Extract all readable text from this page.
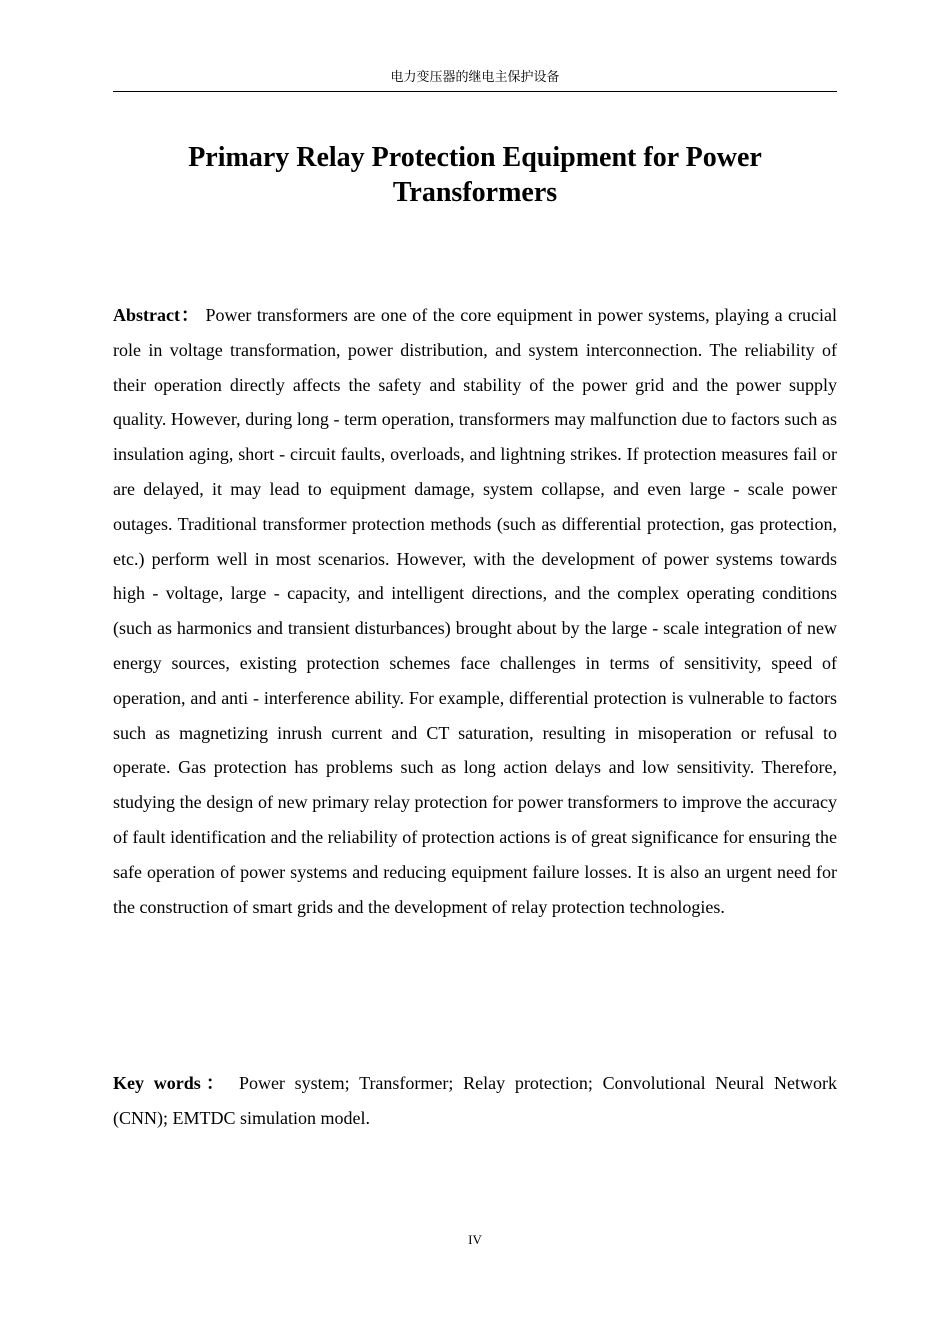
电力变压器的继电主保护设备
Primary Relay Protection Equipment for Power
Transformers

Abstract： Power transformers are one of the core equipment in power systems, playing a crucial role in voltage transformation, power distribution, and system interconnection. The reliability of their operation directly affects the safety and stability of the power grid and the power supply quality. However, during long - term operation, transformers may malfunction due to factors such as insulation aging, short - circuit faults, overloads, and lightning strikes. If protection measures fail or are delayed, it may lead to equipment damage, system collapse, and even large - scale power outages. Traditional transformer protection methods (such as differential protection, gas protection, etc.) perform well in most scenarios. However, with the development of power systems towards high - voltage, large - capacity, and intelligent directions, and the complex operating conditions (such as harmonics and transient disturbances) brought about by the large - scale integration of new energy sources, existing protection schemes face challenges in terms of sensitivity, speed of operation, and anti - interference ability. For example, differential protection is vulnerable to factors such as magnetizing inrush current and CT saturation, resulting in misoperation or refusal to operate. Gas protection has problems such as long action delays and low sensitivity. Therefore, studying the design of new primary relay protection for power transformers to improve the accuracy of fault identification and the reliability of protection actions is of great significance for ensuring the safe operation of power systems and reducing equipment failure losses. It is also an urgent need for the construction of smart grids and the development of relay protection technologies.

Key words： Power system; Transformer; Relay protection; Convolutional Neural Network (CNN); EMTDC simulation model.

IV
